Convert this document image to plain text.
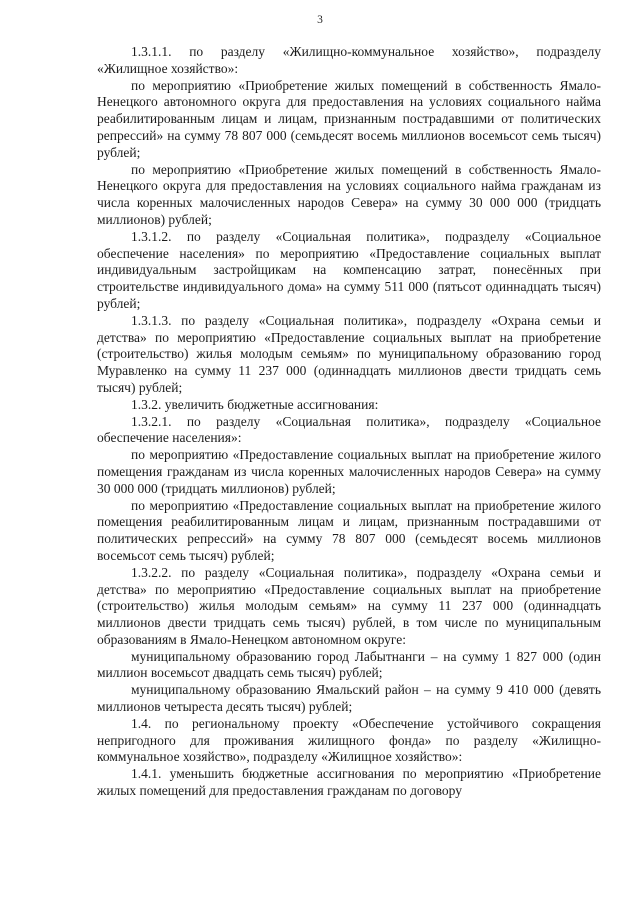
3

1.3.1.1. по разделу «Жилищно-коммунальное хозяйство», подразделу «Жилищное хозяйство»:

по мероприятию «Приобретение жилых помещений в собственность Ямало-Ненецкого автономного округа для предоставления на условиях социального найма реабилитированным лицам и лицам, признанным пострадавшими от политических репрессий» на сумму 78 807 000 (семьдесят восемь миллионов восемьсот семь тысяч) рублей;

по мероприятию «Приобретение жилых помещений в собственность Ямало-Ненецкого округа для предоставления на условиях социального найма гражданам из числа коренных малочисленных народов Севера» на сумму 30 000 000 (тридцать миллионов) рублей;

1.3.1.2. по разделу «Социальная политика», подразделу «Социальное обеспечение населения» по мероприятию «Предоставление социальных выплат индивидуальным застройщикам на компенсацию затрат, понесённых при строительстве индивидуального дома» на сумму 511 000 (пятьсот одиннадцать тысяч) рублей;

1.3.1.3. по разделу «Социальная политика», подразделу «Охрана семьи и детства» по мероприятию «Предоставление социальных выплат на приобретение (строительство) жилья молодым семьям» по муниципальному образованию город Муравленко на сумму 11 237 000 (одиннадцать миллионов двести тридцать семь тысяч) рублей;

1.3.2. увеличить бюджетные ассигнования:

1.3.2.1. по разделу «Социальная политика», подразделу «Социальное обеспечение населения»:

по мероприятию «Предоставление социальных выплат на приобретение жилого помещения гражданам из числа коренных малочисленных народов Севера» на сумму 30 000 000 (тридцать миллионов) рублей;

по мероприятию «Предоставление социальных выплат на приобретение жилого помещения реабилитированным лицам и лицам, признанным пострадавшими от политических репрессий» на сумму 78 807 000 (семьдесят восемь миллионов восемьсот семь тысяч) рублей;

1.3.2.2. по разделу «Социальная политика», подразделу «Охрана семьи и детства» по мероприятию «Предоставление социальных выплат на приобретение (строительство) жилья молодым семьям» на сумму 11 237 000 (одиннадцать миллионов двести тридцать семь тысяч) рублей, в том числе по муниципальным образованиям в Ямало-Ненецком автономном округе:

муниципальному образованию город Лабытнанги – на сумму 1 827 000 (один миллион восемьсот двадцать семь тысяч) рублей;

муниципальному образованию Ямальский район – на сумму 9 410 000 (девять миллионов четыреста десять тысяч) рублей;

1.4. по региональному проекту «Обеспечение устойчивого сокращения непригодного для проживания жилищного фонда» по разделу «Жилищно-коммунальное хозяйство», подразделу «Жилищное хозяйство»:

1.4.1. уменьшить бюджетные ассигнования по мероприятию «Приобретение жилых помещений для предоставления гражданам по договору
